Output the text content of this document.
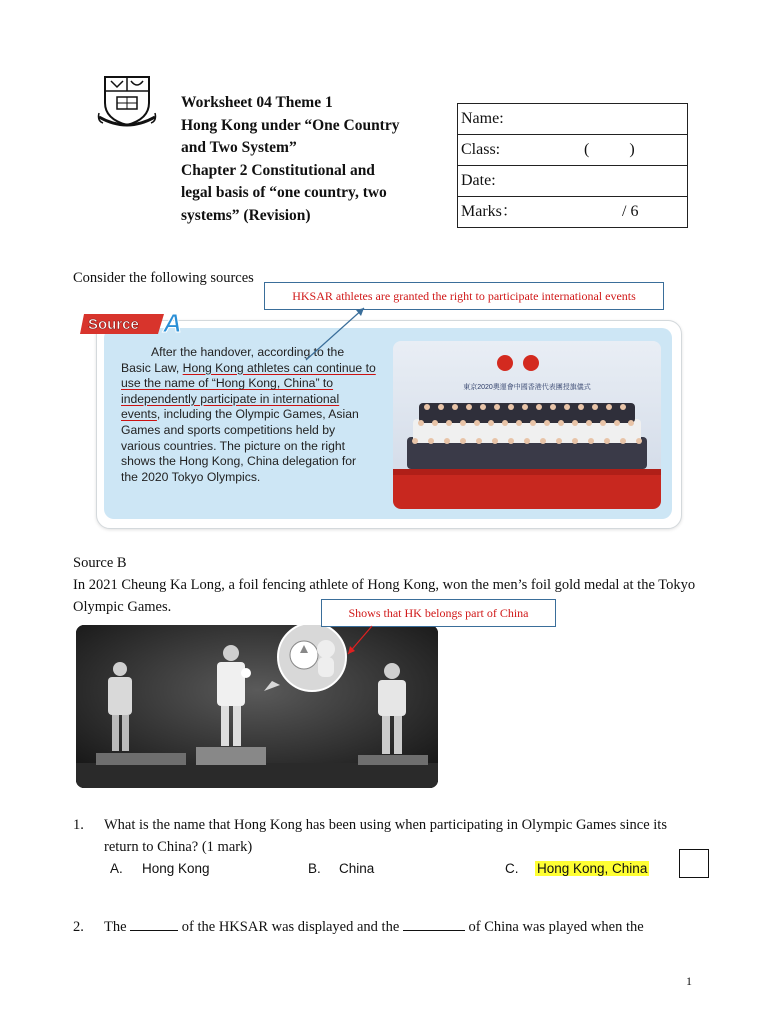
Worksheet 04 Theme 1
Hong Kong under “One Country
and Two System”
Chapter 2 Constitutional and
legal basis of “one country, two
systems” (Revision)
Name:
Class:	(          )
Date:
Marks：	/ 6
Consider the following sources
Source A
After the handover, according to the Basic Law, Hong Kong athletes can continue to use the name of “Hong Kong, China” to independently participate in international events, including the Olympic Games, Asian Games and sports competitions held by various countries. The picture on the right shows the Hong Kong, China delegation for the 2020 Tokyo Olympics.
東京2020奧運會中國香港代表團授旗儀式
HKSAR athletes are granted the right to participate international events
Source B
In 2021 Cheung Ka Long, a foil fencing athlete of Hong Kong, won the men’s foil gold medal at the Tokyo Olympic Games.	Shows that HK belongs part of China
1. What is the name that Hong Kong has been using when participating in Olympic Games since its return to China? (1 mark)
A. Hong Kong	B. China	C. Hong Kong, China
2. The	of the HKSAR was displayed and the	of China was played when the
1
